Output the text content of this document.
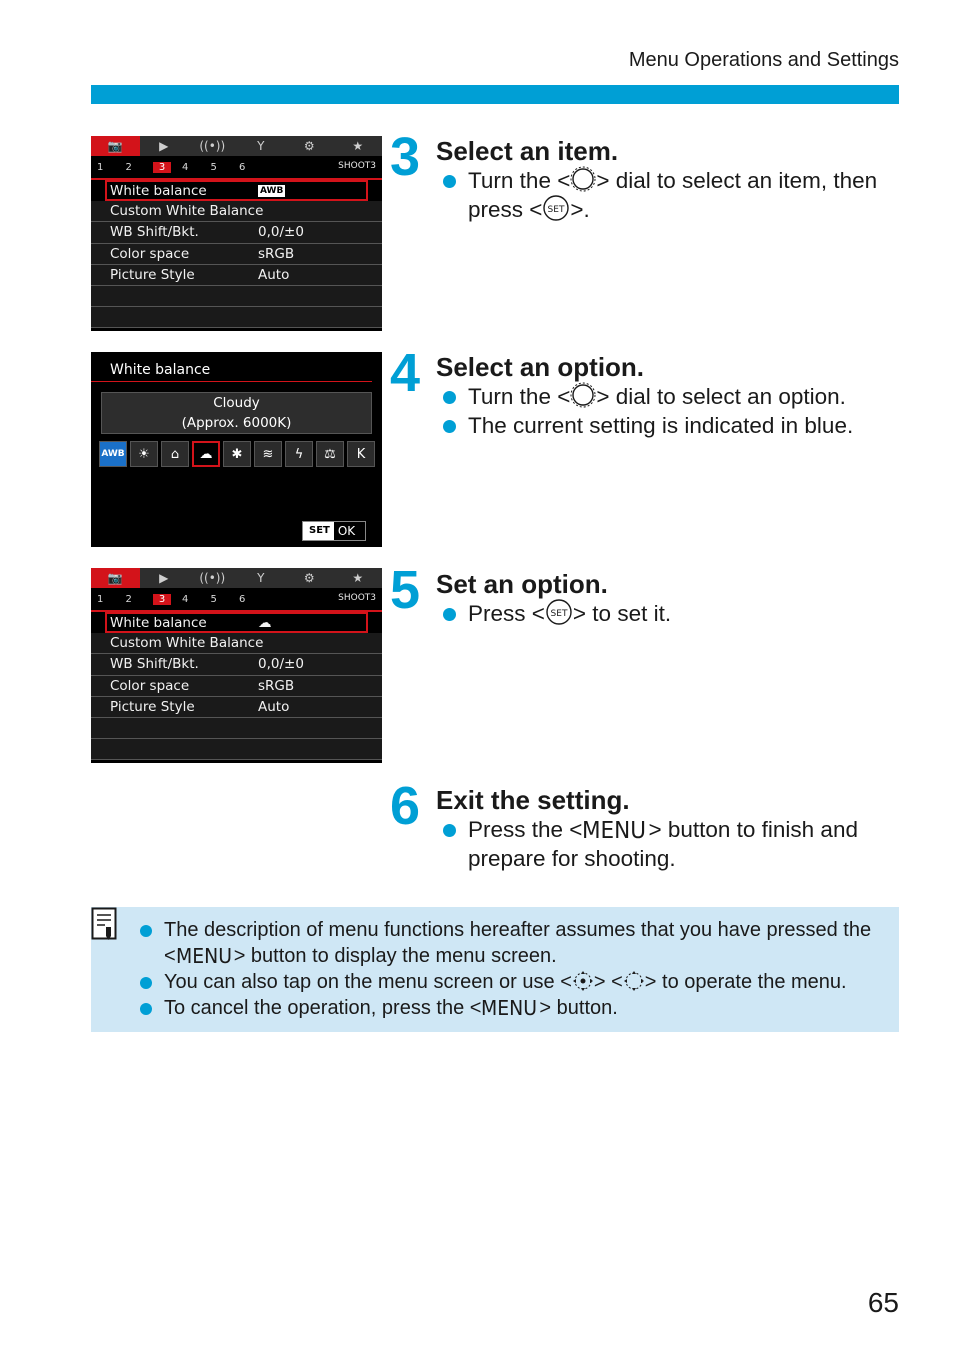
Menu Operations and Settings
📷	▶	((•))	Y	⚙	★
1	2	3	4	5	6	SHOOT3
White balance	AWB
Custom White Balance
WB Shift/Bkt.	0,0/±0
Color space	sRGB
Picture Style	Auto
White balance
Cloudy
(Approx. 6000K)
AWB	☀	⌂	☁	✱	≋	ϟ	⚖	K
SET OK
📷	▶	((•))	Y	⚙	★
1	2	3	4	5	6	SHOOT3
White balance	☁
Custom White Balance
WB Shift/Bkt.	0,0/±0
Color space	sRGB
Picture Style	Auto
3 Select an item.
Turn the < > dial to select an item, then press < SET >.
4 Select an option.
Turn the < > dial to select an option.
The current setting is indicated in blue.
5 Set an option.
Press < SET > to set it.
6 Exit the setting.
Press the < MENU > button to finish and prepare for shooting.
The description of menu functions hereafter assumes that you have pressed the < MENU > button to display the menu screen.
You can also tap on the menu screen or use < > < > to operate the menu.
To cancel the operation, press the < MENU > button.
65
